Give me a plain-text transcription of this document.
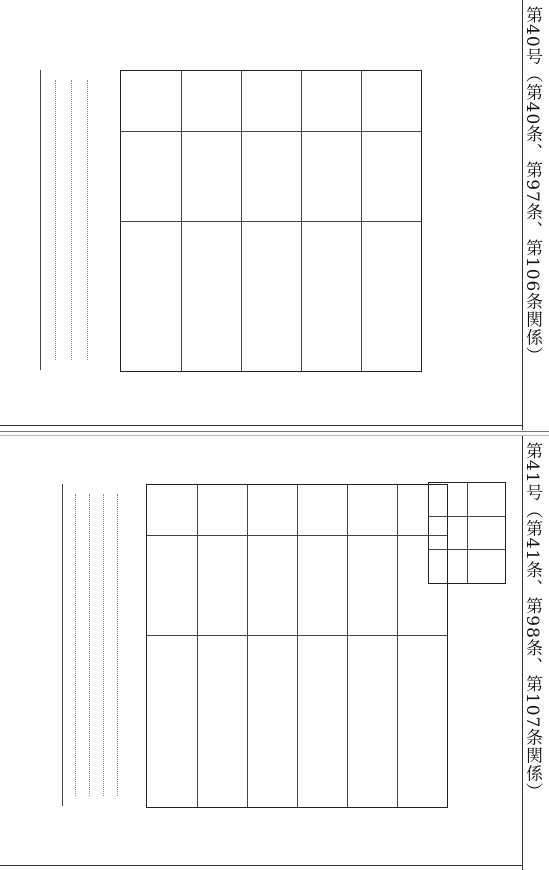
第40号（第40条、第97条、第106条関係）
第41号（第41条、第98条、第107条関係）
